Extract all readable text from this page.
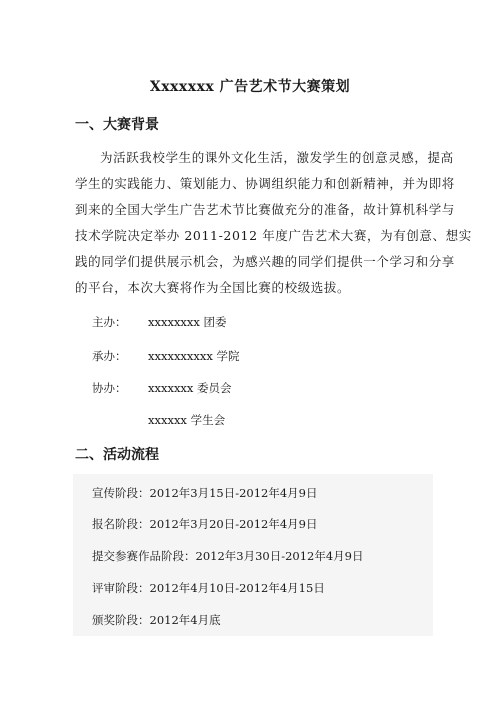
Xxxxxxx 广告艺术节大赛策划
一、大赛背景
为活跃我校学生的课外文化生活，激发学生的创意灵感，提高
学生的实践能力、策划能力、协调组织能力和创新精神，并为即将
到来的全国大学生广告艺术节比赛做充分的准备，故计算机科学与
技术学院决定举办 2011-2012 年度广告艺术大赛，为有创意、想实
践的同学们提供展示机会，为感兴趣的同学们提供一个学习和分享
的平台，本次大赛将作为全国比赛的校级选拔。
主办： xxxxxxxx 团委
承办： xxxxxxxxxx 学院
协办： xxxxxxx 委员会
xxxxxx 学生会
二、活动流程
宣传阶段：2012年3月15日-2012年4月9日
报名阶段：2012年3月20日-2012年4月9日
提交参赛作品阶段：2012年3月30日-2012年4月9日
评审阶段：2012年4月10日-2012年4月15日
颁奖阶段：2012年4月底
